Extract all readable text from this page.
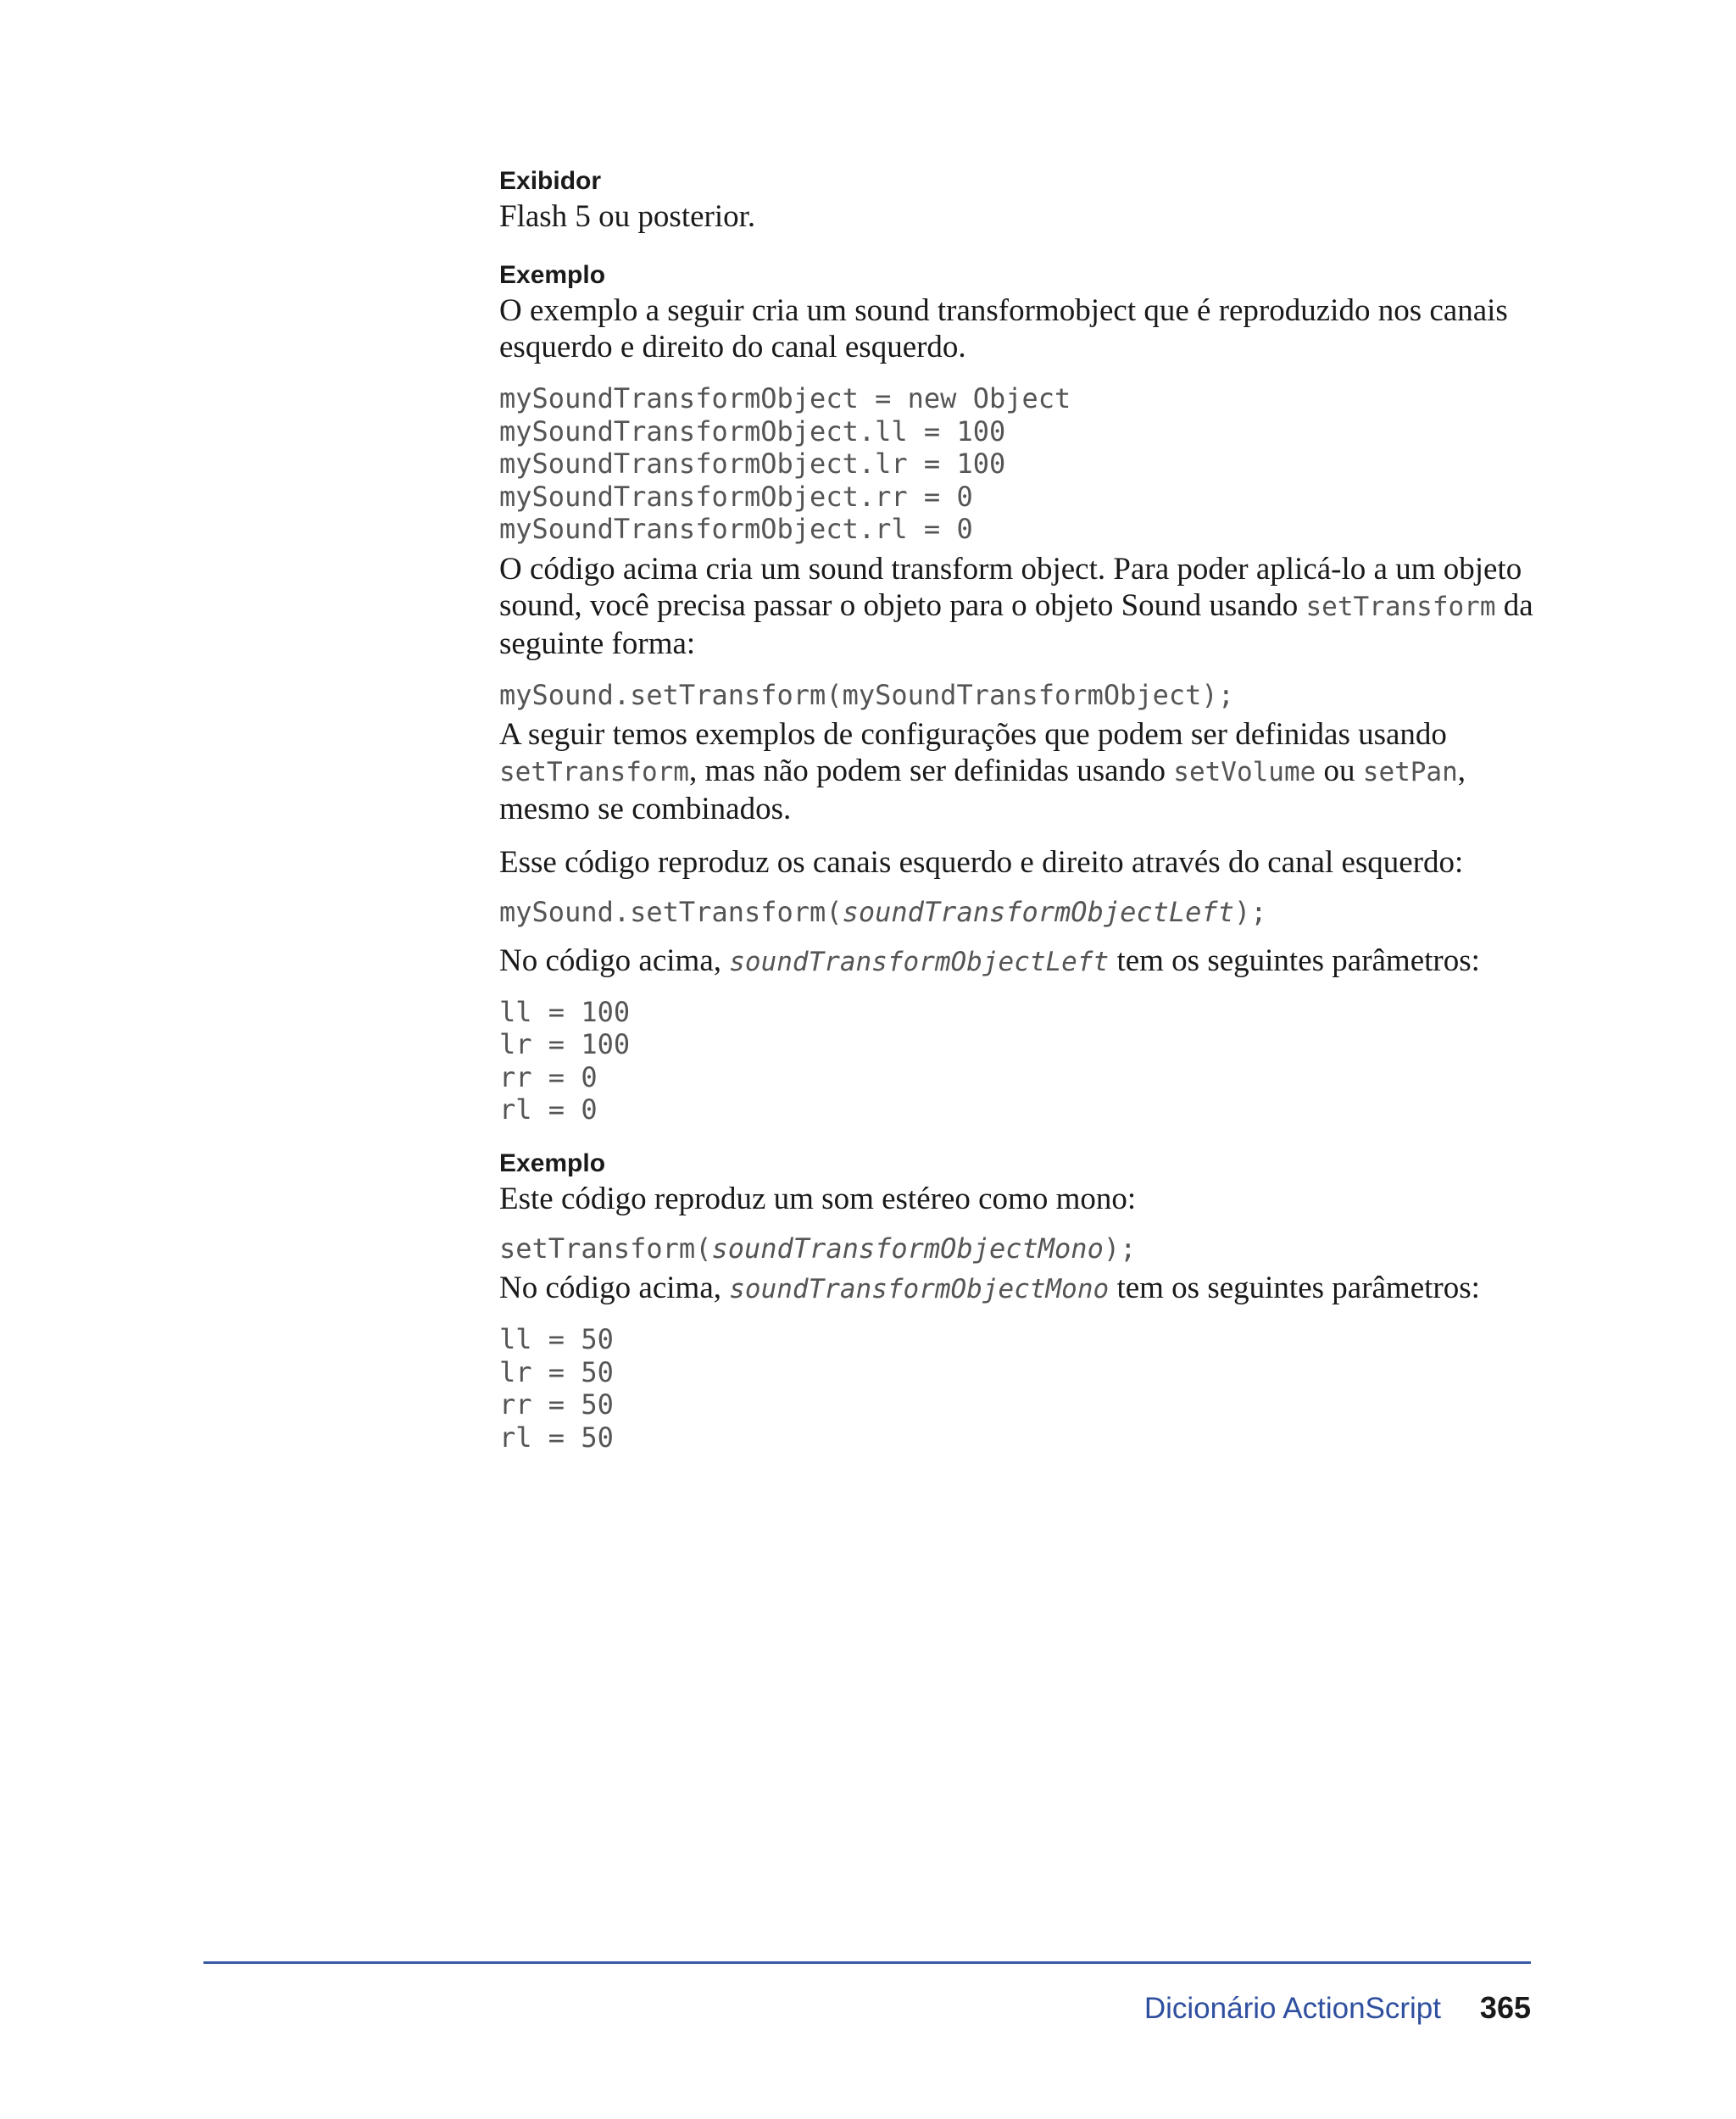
Exibidor

Flash 5 ou posterior.

Exemplo

O exemplo a seguir cria um sound transformobject que é reproduzido nos canais esquerdo e direito do canal esquerdo.

mySoundTransformObject = new Object

mySoundTransformObject.ll = 100

mySoundTransformObject.lr = 100

mySoundTransformObject.rr = 0

mySoundTransformObject.rl = 0

O código acima cria um sound transform object. Para poder aplicá-lo a um objeto sound, você precisa passar o objeto para o objeto Sound usando setTransform da seguinte forma:

mySound.setTransform(mySoundTransformObject);

A seguir temos exemplos de configurações que podem ser definidas usando setTransform, mas não podem ser definidas usando setVolume ou setPan, mesmo se combinados.

Esse código reproduz os canais esquerdo e direito através do canal esquerdo:

mySound.setTransform(soundTransformObjectLeft);

No código acima, soundTransformObjectLeft tem os seguintes parâmetros:

ll = 100

lr = 100

rr = 0

rl = 0

Exemplo

Este código reproduz um som estéreo como mono:

setTransform(soundTransformObjectMono);

No código acima, soundTransformObjectMono tem os seguintes parâmetros:

ll = 50

lr = 50

rr = 50

rl = 50

Dicionário ActionScript 365
